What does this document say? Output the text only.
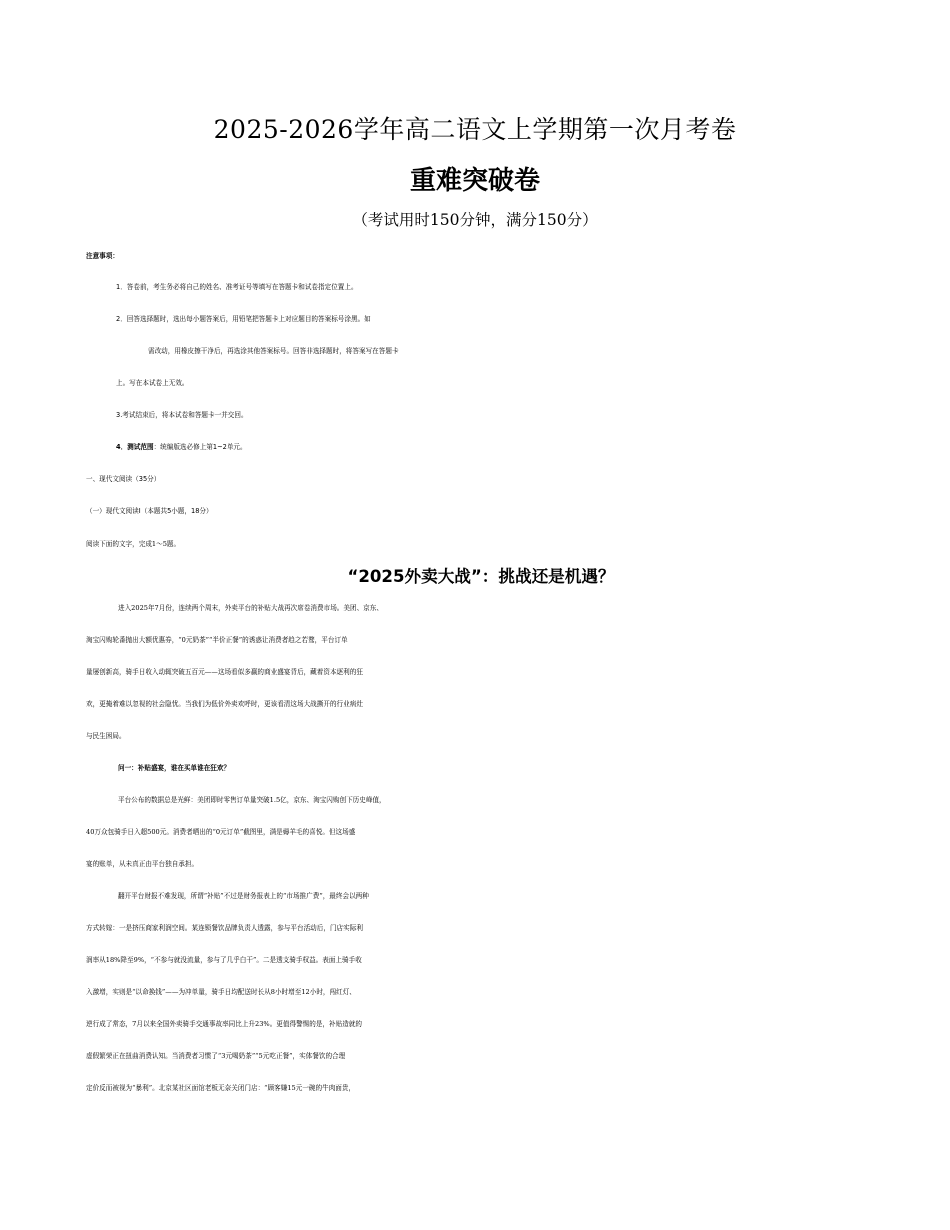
2025-2026学年高二语文上学期第一次月考卷
重难突破卷
（考试用时150分钟，满分150分）
注意事项：
1．答卷前，考生务必将自己的姓名、准考证号等填写在答题卡和试卷指定位置上。
2．回答选择题时，选出每小题答案后，用铅笔把答题卡上对应题目的答案标号涂黑。如
需改动，用橡皮擦干净后，再选涂其他答案标号。回答非选择题时，将答案写在答题卡
上。写在本试卷上无效。
3.考试结束后，将本试卷和答题卡一并交回。
4．测试范围：统编版选必修上第1~2单元。
一、现代文阅读（35分）
（一）现代文阅读Ⅰ（本题共5小题，18分）
阅读下面的文字，完成1～5题。
“2025外卖大战”：挑战还是机遇？
进入2025年7月份，连续两个周末，外卖平台的补贴大战再次席卷消费市场。美团、京东、
淘宝闪购轮番抛出大额优惠券，“0元奶茶”“半价正餐”的诱惑让消费者趋之若鹜，平台订单
量屡创新高，骑手日收入动辄突破五百元——这场看似多赢的商业盛宴背后，藏着资本逐利的狂
欢，更掩着难以忽视的社会隐忧。当我们为低价外卖欢呼时，更该看清这场大战撕开的行业病灶
与民生困局。
问一：补贴盛宴，谁在买单谁在狂欢？
平台公布的数据总是光鲜：美团即时零售订单量突破1.5亿，京东、淘宝闪购创下历史峰值，
40万众包骑手日入超500元。消费者晒出的“0元订单”截图里，满是薅羊毛的喜悦。但这场盛
宴的账单，从未真正由平台独自承担。
翻开平台财报不难发现，所谓“补贴”不过是财务报表上的“市场推广费”，最终会以两种
方式转嫁：一是挤压商家利润空间。某连锁餐饮品牌负责人透露，参与平台活动后，门店实际利
润率从18%降至9%，“不参与就没流量，参与了几乎白干”。二是透支骑手权益。表面上骑手收
入激增，实则是“以命换钱”——为冲单量，骑手日均配送时长从8小时增至12小时，闯红灯、
逆行成了常态，7月以来全国外卖骑手交通事故率同比上升23%。更值得警惕的是，补贴造就的
虚假繁荣正在扭曲消费认知。当消费者习惯了“3元喝奶茶”“5元吃正餐”，实体餐饮的合理
定价反而被视为“暴利”。北京某社区面馆老板无奈关闭门店：“顾客嫌15元一碗的牛肉面贵，
